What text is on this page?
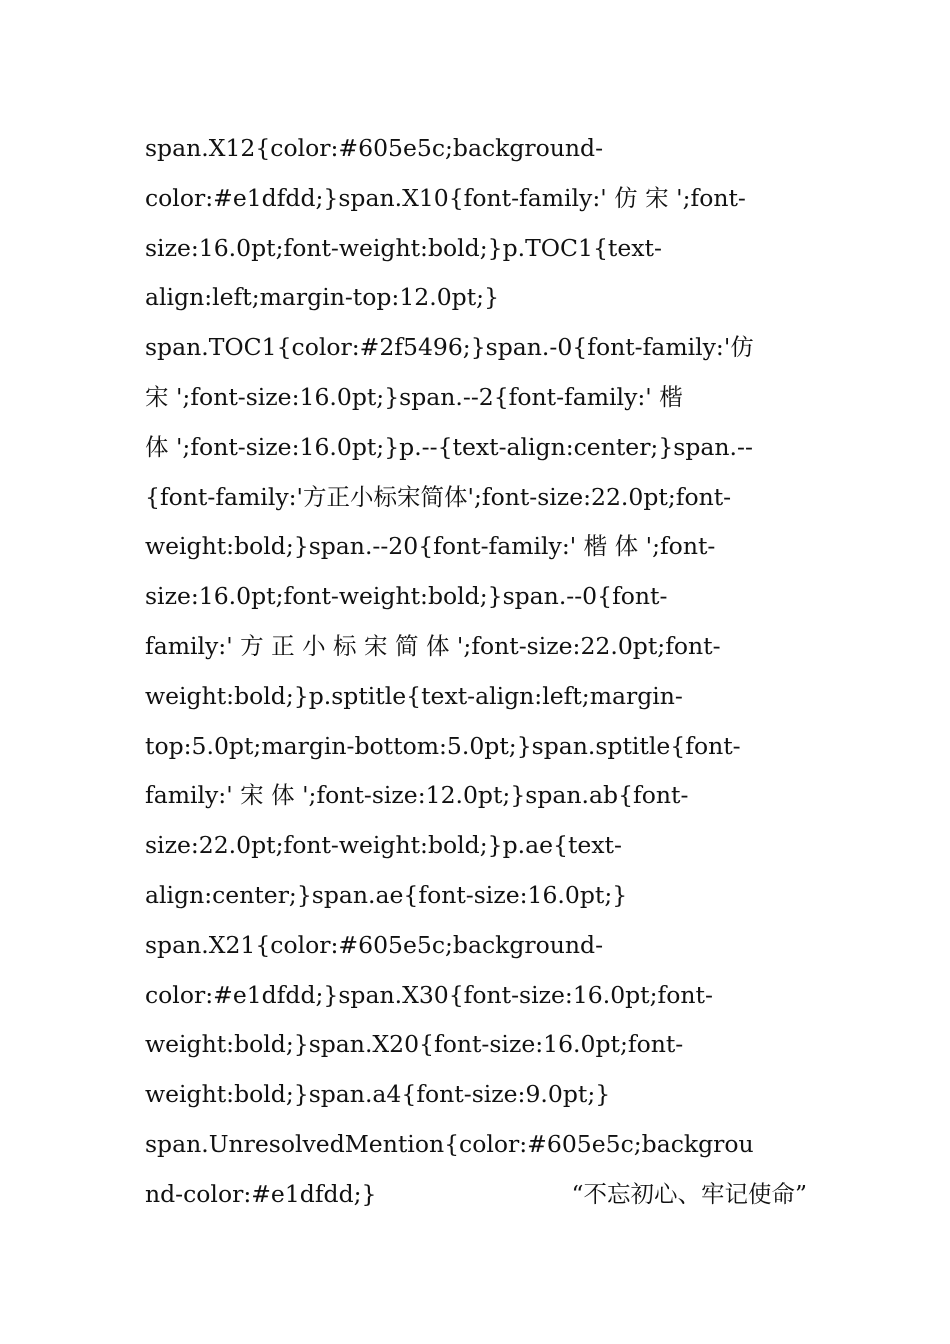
span.X12{color:#605e5c;background-
color:#e1dfdd;}span.X10{font-family:' 仿 宋 ';font-
size:16.0pt;font-weight:bold;}p.TOC1{text-
align:left;margin-top:12.0pt;}
span.TOC1{color:#2f5496;}span.-0{font-family:'仿
宋 ';font-size:16.0pt;}span.--2{font-family:' 楷
体 ';font-size:16.0pt;}p.--{text-align:center;}span.--
{font-family:'方正小标宋简体';font-size:22.0pt;font-
weight:bold;}span.--20{font-family:' 楷 体 ';font-
size:16.0pt;font-weight:bold;}span.--0{font-
family:' 方 正 小 标 宋 简 体 ';font-size:22.0pt;font-
weight:bold;}p.sptitle{text-align:left;margin-
top:5.0pt;margin-bottom:5.0pt;}span.sptitle{font-
family:' 宋 体 ';font-size:12.0pt;}span.ab{font-
size:22.0pt;font-weight:bold;}p.ae{text-
align:center;}span.ae{font-size:16.0pt;}
span.X21{color:#605e5c;background-
color:#e1dfdd;}span.X30{font-size:16.0pt;font-
weight:bold;}span.X20{font-size:16.0pt;font-
weight:bold;}span.a4{font-size:9.0pt;}
span.UnresolvedMention{color:#605e5c;backgrou
nd-color:#e1dfdd;}	“不忘初心、牢记使命”
